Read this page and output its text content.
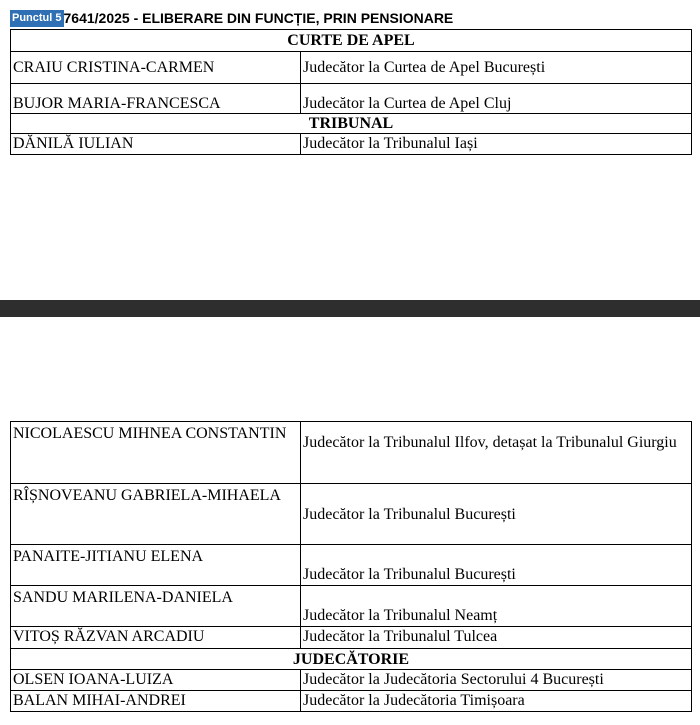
Punctul 5 7641/2025 - ELIBERARE DIN FUNCȚIE, PRIN PENSIONARE
CURTE DE APEL	
CRAIU CRISTINA-CARMEN	Judecător la Curtea de Apel București
BUJOR MARIA-FRANCESCA	Judecător la Curtea de Apel Cluj
TRIBUNAL	
DĂNILĂ IULIAN	Judecător la Tribunalul Iași
NICOLAESCU MIHNEA CONSTANTIN	Judecător la Tribunalul Ilfov, detașat la Tribunalul Giurgiu
RÎȘNOVEANU GABRIELA-MIHAELA	Judecător la Tribunalul București
PANAITE-JITIANU ELENA	Judecător la Tribunalul București
SANDU MARILENA-DANIELA	Judecător la Tribunalul Neamț
VITOȘ RĂZVAN ARCADIU	Judecător la Tribunalul Tulcea
JUDECĂTORIE	
OLSEN IOANA-LUIZA	Judecător la Judecătoria Sectorului 4 București
BALAN MIHAI-ANDREI	Judecător la Judecătoria Timișoara
